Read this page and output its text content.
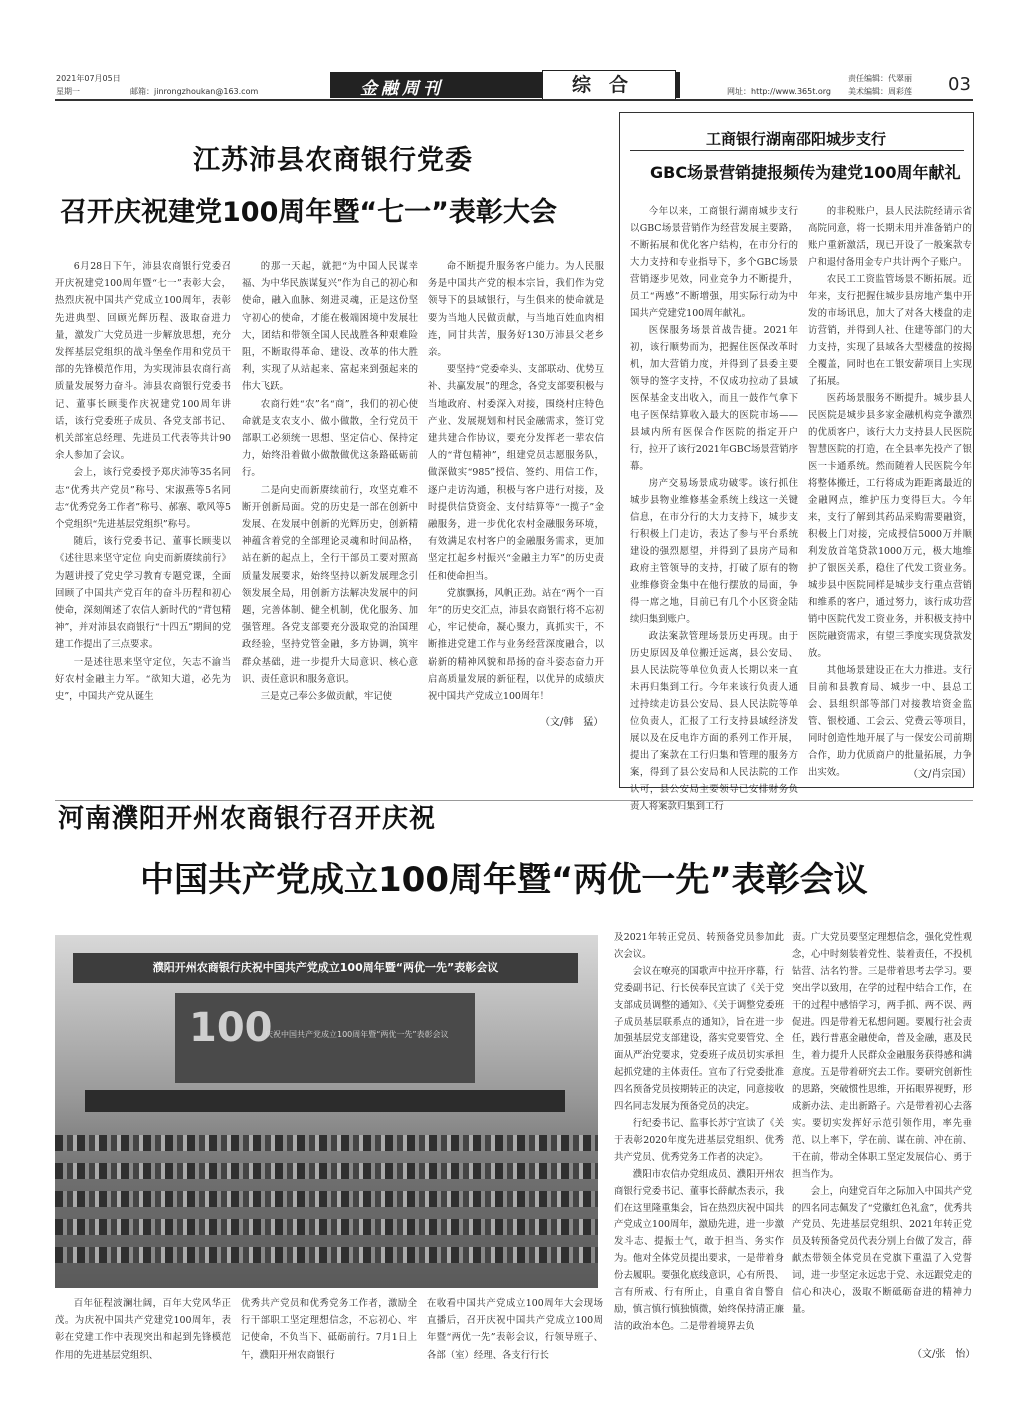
2021年07月05日
星期一	邮箱：jinrongzhoukan@163.com	金融周刊	综合	网址：http://www.365t.org
责任编辑：代翠丽
美术编辑：周彩莲 03
江苏沛县农商银行党委
召开庆祝建党100周年暨“七一”表彰大会

6月28日下午，沛县农商银行党委召开庆祝建党100周年暨“七一”表彰大会，热烈庆祝中国共产党成立100周年，表彰先进典型、回顾光辉历程、汲取奋进力量，激发广大党员进一步解放思想，充分发挥基层党组织的战斗堡垒作用和党员干部的先锋模范作用，为实现沛县农商行高质量发展努力奋斗。沛县农商银行党委书记、董事长顾斐作庆祝建党100周年讲话，该行党委班子成员、各党支部书记、机关部室总经理、先进员工代表等共计90余人参加了会议。

会上，该行党委授予郑庆沛等35名同志“优秀共产党员”称号、宋淑燕等5名同志“优秀党务工作者”称号、郝寨、歌风等5个党组织“先进基层党组织”称号。

随后，该行党委书记、董事长顾斐以《述往思来坚守定位 向史而新赓续前行》为题讲授了党史学习教育专题党课，全面回顾了中国共产党百年的奋斗历程和初心使命，深刻阐述了农信人新时代的“背包精神”，并对沛县农商银行“十四五”期间的党建工作提出了三点要求。

一是述往思来坚守定位，矢志不渝当好农村金融主力军。“欲知大道，必先为史”，中国共产党从诞生

的那一天起，就把“为中国人民谋幸福、为中华民族谋复兴”作为自己的初心和使命，融入血脉、刻进灵魂，正是这份坚守初心的使命，才能在极端困境中发展壮大，团结和带领全国人民战胜各种艰难险阻，不断取得革命、建设、改革的伟大胜利，实现了从站起来、富起来到强起来的伟大飞跃。

农商行姓“农”名“商”，我们的初心使命就是支农支小、做小做散，全行党员干部职工必须统一思想、坚定信心、保持定力，始终沿着做小做散做优这条路砥砺前行。

二是向史而新赓续前行，攻坚克难不断开创新局面。党的历史是一部在创新中发展、在发展中创新的光辉历史，创新精神蕴含着党的全部理论灵魂和时间品格，站在新的起点上，全行干部员工要对照高质量发展要求，始终坚持以新发展理念引领发展全局，用创新方法解决发展中的问题，完善体制、健全机制，优化服务、加强管理。各党支部要充分汲取党的治国理政经验，坚持党管金融，多方协调，筑牢群众基础，进一步提升大局意识、核心意识、责任意识和服务意识。

三是克己奉公多做贡献，牢记使

命不断提升服务客户能力。为人民服务是中国共产党的根本宗旨，我们作为党领导下的县域银行，与生俱来的使命就是要为当地人民做贡献，与当地百姓血肉相连，同甘共苦，服务好130万沛县父老乡亲。

要坚持“党委牵头、支部联动、优势互补、共赢发展”的理念，各党支部要积极与当地政府、村委深入对接，围绕村庄特色产业、发展规划和村民金融需求，签订党建共建合作协议，要充分发挥老一辈农信人的“背包精神”，组建党员志愿服务队，做深做实“985”授信、签约、用信工作，逐户走访沟通，积极与客户进行对接，及时提供信贷资金、支付结算等“一揽子”金融服务，进一步优化农村金融服务环境，有效满足农村客户的金融服务需求，更加坚定扛起乡村振兴“金融主力军”的历史责任和使命担当。

党旗飘扬，风帆正劲。站在“两个一百年”的历史交汇点，沛县农商银行将不忘初心，牢记使命，凝心聚力，真抓实干，不断推进党建工作与业务经营深度融合，以崭新的精神风貌和昂扬的奋斗姿态奋力开启高质量发展的新征程，以优异的成绩庆祝中国共产党成立100周年！

（文/韩　猛）
工商银行湖南邵阳城步支行
GBC场景营销捷报频传为建党100周年献礼

今年以来，工商银行湖南城步支行以GBC场景营销作为经营发展主要路，不断拓展和优化客户结构，在市分行的大力支持和专业指导下，多个GBC场景营销逐步见效，同业竞争力不断提升，员工“两感”不断增强，用实际行动为中国共产党建党100周年献礼。

医保服务场景首战告捷。2021年初，该行顺势而为，把握住医保改革时机，加大营销力度，并得到了县委主要领导的签字支持，不仅成功拉动了县域医保基金支出收入，而且一鼓作气拿下电子医保结算收入最大的医院市场——县域内所有医保合作医院的指定开户行，拉开了该行2021年GBC场景营销序幕。

房产交易场景成功破零。该行抓住城步县物业维修基金系统上线这一关键信息，在市分行的大力支持下，城步支行积极上门走访，表达了参与平台系统建设的强烈愿望，并得到了县房产局和政府主管领导的支持，打破了原有的物业维修资金集中在他行摆放的局面，争得一席之地，目前已有几个小区资金陆续归集到账户。

政法案款管理场景历史再现。由于历史原因及单位搬迁远离，县公安局、县人民法院等单位负责人长期以来一直未再归集到工行。今年来该行负责人通过持续走访县公安局、县人民法院等单位负责人，汇报了工行支持县域经济发展以及在反电诈方面的系列工作开展，提出了案款在工行归集和管理的服务方案，得到了县公安局和人民法院的工作认可，县公安局主要领导已安排财务负责人将案款归集到工行

的非税账户，县人民法院经请示省高院同意，将一长期未用并准备销户的账户重新激活，现已开设了一般案款专户和退付备用金专户共计两个子账户。

农民工工资监管场景不断拓展。近年来，支行把握住城步县房地产集中开发的市场讯息，加大了对各大楼盘的走访营销，并得到人社、住建等部门的大力支持，实现了县域各大型楼盘的按揭全覆盖，同时也在工银安薪项目上实现了拓展。

医药场景服务不断提升。城步县人民医院是城步县多家金融机构竞争激烈的优质客户，该行大力支持县人民医院智慧医院的打造，在全县率先投产了银医一卡通系统。然而随着人民医院今年将整体搬迁，工行将成为距距离最近的金融网点，维护压力变得巨大。今年来，支行了解到其药品采购需要融资，积极上门对接，完成授信5000万并顺利发放首笔贷款1000万元，极大地维护了银医关系，稳住了代发工资业务。城步县中医院同样是城步支行重点营销和维系的客户，通过努力，该行成功营销中医院代发工资业务，并积极支持中医院融资需求，有望三季度实现贷款发放。

其他场景建设正在大力推进。支行目前和县教育局、城步一中、县总工会、县组织部等部门对接教培资金监管、银校通、工会云、党费云等项目，同时创造性地开展了与一保安公司前期合作，助力优质商户的批量拓展，力争出实效。	（文/肖宗国）
河南濮阳开州农商银行召开庆祝
中国共产党成立100周年暨“两优一先”表彰会议
濮阳开州农商银行庆祝中国共产党成立100周年暨“两优一先”表彰会议
100
庆祝中国共产党成立100周年暨“两优一先”表彰会议

百年征程波澜壮阔，百年大党风华正茂。为庆祝中国共产党建党100周年，表彰在党建工作中表现突出和起到先锋模范作用的先进基层党组织、

优秀共产党员和优秀党务工作者，激励全行干部职工坚定理想信念，不忘初心、牢记使命，不负当下、砥砺前行。7月1日上午，濮阳开州农商银行

在收看中国共产党成立100周年大会现场直播后，召开庆祝中国共产党成立100周年暨“两优一先”表彰会议，行领导班子、各部（室）经理、各支行行长

及2021年转正党员、转预备党员参加此次会议。

会议在嘹亮的国歌声中拉开序幕，行党委副书记、行长侯奉民宣读了《关于党支部成员调整的通知》、《关于调整党委班子成员基层联系点的通知》，旨在进一步加强基层党支部建设，落实党要管党、全面从严治党要求，党委班子成员切实承担起抓党建的主体责任。宣布了行党委批准四名预备党员按期转正的决定，同意接收四名同志发展为预备党员的决定。

行纪委书记、监事长苏宁宣读了《关于表彰2020年度先进基层党组织、优秀共产党员、优秀党务工作者的决定》。

濮阳市农信办党组成员、濮阳开州农商银行党委书记、董事长薛献杰表示，我们在这里隆重集会，旨在热烈庆祝中国共产党成立100周年，激励先进，进一步激发斗志、提振士气，敢于担当、务实作为。他对全体党员提出要求，一是带着身份去履职。要强化底线意识，心有所畏、言有所戒、行有所止，自重自省自警自励，慎言慎行慎独慎微，始终保持清正廉洁的政治本色。二是带着境界去负

责。广大党员要坚定理想信念，强化党性观念，心中时刻装着党性、装着责任，不投机钻营、沽名钓誉。三是带着思考去学习。要突出学以致用，在学的过程中结合工作，在干的过程中感悟学习，两手抓、两不误、两促进。四是带着无私想问题。要履行社会责任，践行普惠金融使命，普及金融，惠及民生，着力提升人民群众金融服务获得感和满意度。五是带着研究去工作。要研究创新性的思路，突破惯性思维，开拓眼界视野，形成新办法、走出新路子。六是带着初心去落实。要切实发挥好示范引领作用，率先垂范、以上率下，学在前、谋在前、冲在前、干在前，带动全体职工坚定发展信心、勇于担当作为。

会上，向建党百年之际加入中国共产党的四名同志佩发了“党徽红色礼盒”，优秀共产党员、先进基层党组织、2021年转正党员及转预备党员代表分别上台做了发言，薛献杰带领全体党员在党旗下重温了入党誓词，进一步坚定永远忠于党、永远跟党走的信心和决心，汲取不断砥砺奋进的精神力量。

（文/张　怡）
